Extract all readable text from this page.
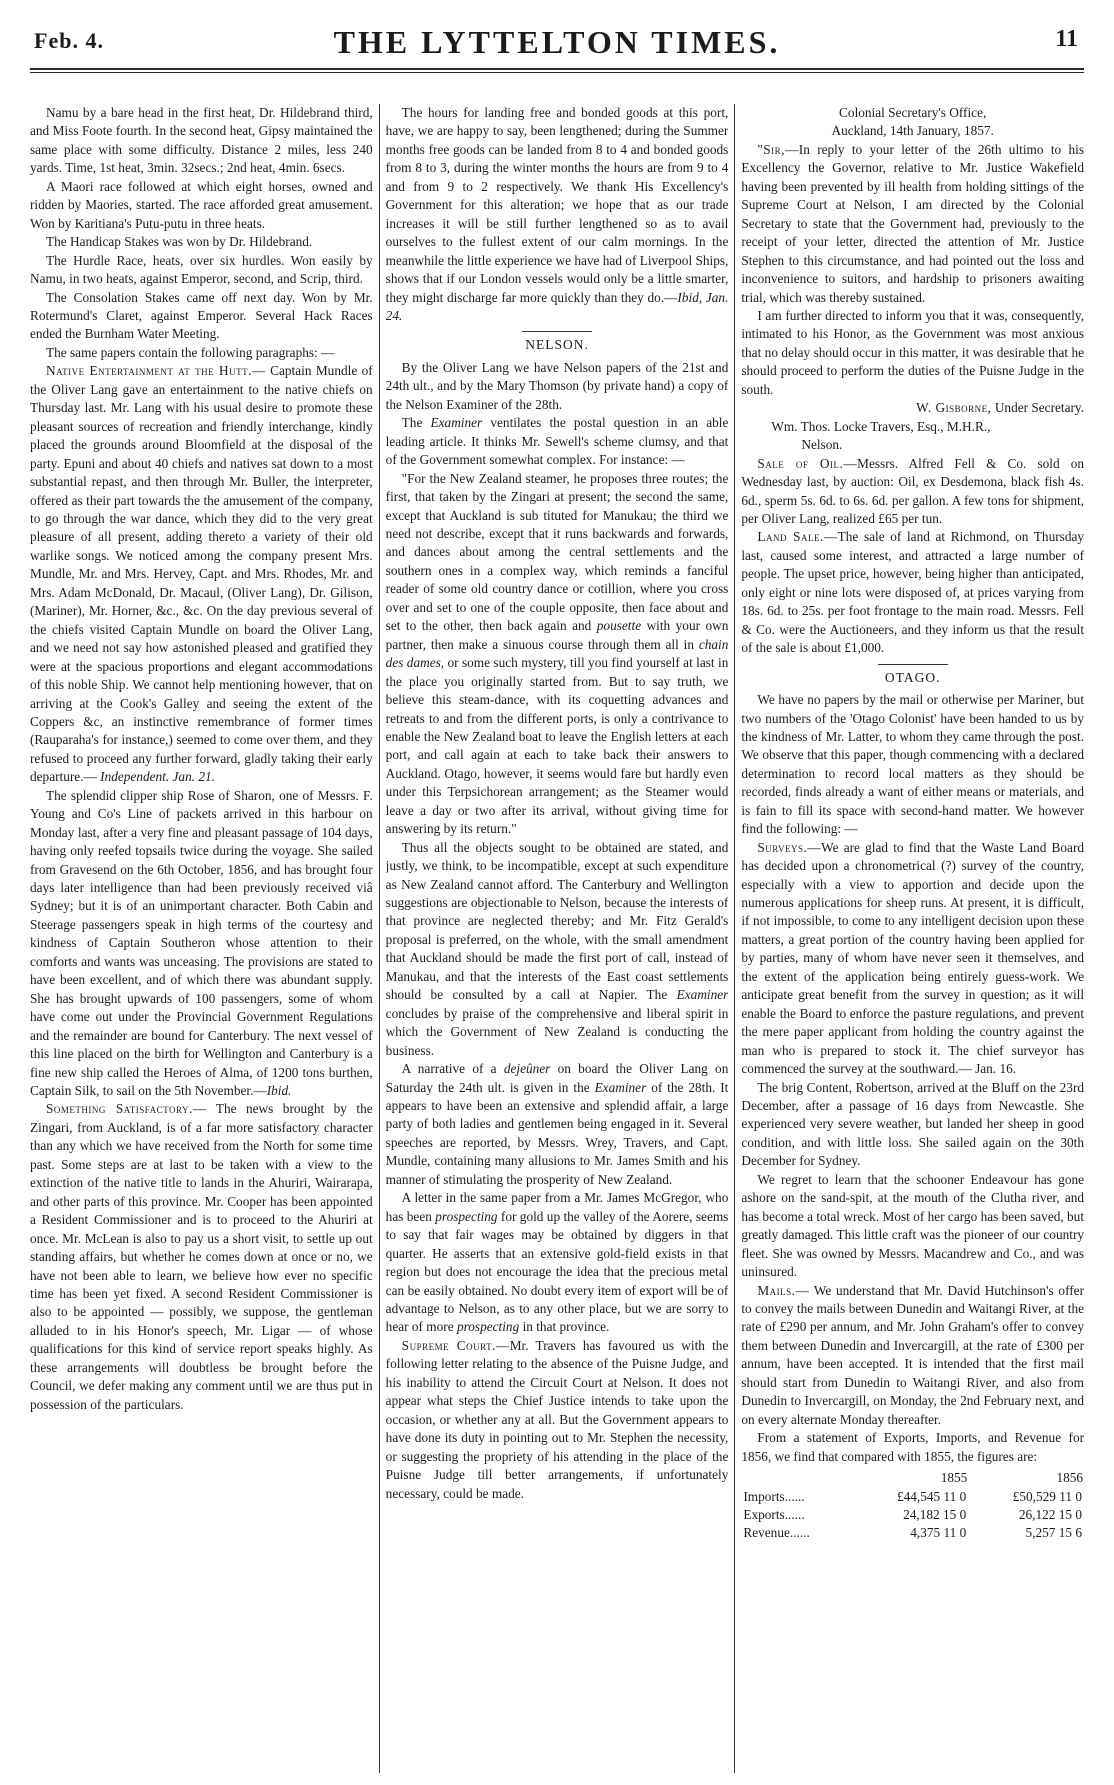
Feb. 4.	THE LYTTELTON TIMES.	11

Namu by a bare head in the first heat, Dr. Hildebrand third, and Miss Foote fourth. In the second heat, Gipsy maintained the same place with some difficulty. Distance 2 miles, less 240 yards. Time, 1st heat, 3min. 32secs.; 2nd heat, 4min. 6secs.

A Maori race followed at which eight horses, owned and ridden by Maories, started. The race afforded great amusement. Won by Karitiana's Putu-putu in three heats.

The Handicap Stakes was won by Dr. Hildebrand.

The Hurdle Race, heats, over six hurdles. Won easily by Namu, in two heats, against Emperor, second, and Scrip, third.

The Consolation Stakes came off next day. Won by Mr. Rotermund's Claret, against Emperor. Several Hack Races ended the Burnham Water Meeting.

The same papers contain the following paragraphs: —

Native Entertainment at the Hutt.— Captain Mundle of the Oliver Lang gave an entertainment to the native chiefs on Thursday last. Mr. Lang with his usual desire to promote these pleasant sources of recreation and friendly interchange, kindly placed the grounds around Bloomfield at the disposal of the party. Epuni and about 40 chiefs and natives sat down to a most substantial repast, and then through Mr. Buller, the interpreter, offered as their part towards the the amusement of the company, to go through the war dance, which they did to the very great pleasure of all present, adding thereto a variety of their old warlike songs. We noticed among the company present Mrs. Mundle, Mr. and Mrs. Hervey, Capt. and Mrs. Rhodes, Mr. and Mrs. Adam McDonald, Dr. Macaul, (Oliver Lang), Dr. Gilison, (Mariner), Mr. Horner, &c., &c. On the day previous several of the chiefs visited Captain Mundle on board the Oliver Lang, and we need not say how astonished pleased and gratified they were at the spacious proportions and elegant accommodations of this noble Ship. We cannot help mentioning however, that on arriving at the Cook's Galley and seeing the extent of the Coppers &c, an instinctive remembrance of former times (Rauparaha's for instance,) seemed to come over them, and they refused to proceed any further forward, gladly taking their early departure.— Independent. Jan. 21.

The splendid clipper ship Rose of Sharon, one of Messrs. F. Young and Co's Line of packets arrived in this harbour on Monday last, after a very fine and pleasant passage of 104 days, having only reefed topsails twice during the voyage. She sailed from Gravesend on the 6th October, 1856, and has brought four days later intelligence than had been previously received viâ Sydney; but it is of an unimportant character. Both Cabin and Steerage passengers speak in high terms of the courtesy and kindness of Captain Southeron whose attention to their comforts and wants was unceasing. The provisions are stated to have been excellent, and of which there was abundant supply. She has brought upwards of 100 passengers, some of whom have come out under the Provincial Government Regulations and the remainder are bound for Canterbury. The next vessel of this line placed on the birth for Wellington and Canterbury is a fine new ship called the Heroes of Alma, of 1200 tons burthen, Captain Silk, to sail on the 5th November.—Ibid.

Something Satisfactory.— The news brought by the Zingari, from Auckland, is of a far more satisfactory character than any which we have received from the North for some time past. Some steps are at last to be taken with a view to the extinction of the native title to lands in the Ahuriri, Wairarapa, and other parts of this province. Mr. Cooper has been appointed a Resident Commissioner and is to proceed to the Ahuriri at once. Mr. McLean is also to pay us a short visit, to settle up out standing affairs, but whether he comes down at once or no, we have not been able to learn, we believe how ever no specific time has been yet fixed. A second Resident Commissioner is also to be appointed — possibly, we suppose, the gentleman alluded to in his Honor's speech, Mr. Ligar — of whose qualifications for this kind of service report speaks highly. As these arrangements will doubtless be brought before the Council, we defer making any comment until we are thus put in possession of the particulars.

The hours for landing free and bonded goods at this port, have, we are happy to say, been lengthened; during the Summer months free goods can be landed from 8 to 4 and bonded goods from 8 to 3, during the winter months the hours are from 9 to 4 and from 9 to 2 respectively. We thank His Excellency's Government for this alteration; we hope that as our trade increases it will be still further lengthened so as to avail ourselves to the fullest extent of our calm mornings. In the meanwhile the little experience we have had of Liverpool Ships, shows that if our London vessels would only be a little smarter, they might discharge far more quickly than they do.—Ibid, Jan. 24.

NELSON.

By the Oliver Lang we have Nelson papers of the 21st and 24th ult., and by the Mary Thomson (by private hand) a copy of the Nelson Examiner of the 28th.

The Examiner ventilates the postal question in an able leading article. It thinks Mr. Sewell's scheme clumsy, and that of the Government somewhat complex. For instance: —

"For the New Zealand steamer, he proposes three routes; the first, that taken by the Zingari at present; the second the same, except that Auckland is sub tituted for Manukau; the third we need not describe, except that it runs backwards and forwards, and dances about among the central settlements and the southern ones in a complex way, which reminds a fanciful reader of some old country dance or cotillion, where you cross over and set to one of the couple opposite, then face about and set to the other, then back again and pousette with your own partner, then make a sinuous course through them all in chain des dames, or some such mystery, till you find yourself at last in the place you originally started from. But to say truth, we believe this steam-dance, with its coquetting advances and retreats to and from the different ports, is only a contrivance to enable the New Zealand boat to leave the English letters at each port, and call again at each to take back their answers to Auckland. Otago, however, it seems would fare but hardly even under this Terpsichorean arrangement; as the Steamer would leave a day or two after its arrival, without giving time for answering by its return."

Thus all the objects sought to be obtained are stated, and justly, we think, to be incompatible, except at such expenditure as New Zealand cannot afford. The Canterbury and Wellington suggestions are objectionable to Nelson, because the interests of that province are neglected thereby; and Mr. Fitz Gerald's proposal is preferred, on the whole, with the small amendment that Auckland should be made the first port of call, instead of Manukau, and that the interests of the East coast settlements should be consulted by a call at Napier. The Examiner concludes by praise of the comprehensive and liberal spirit in which the Government of New Zealand is conducting the business.

A narrative of a dejeûner on board the Oliver Lang on Saturday the 24th ult. is given in the Examiner of the 28th. It appears to have been an extensive and splendid affair, a large party of both ladies and gentlemen being engaged in it. Several speeches are reported, by Messrs. Wrey, Travers, and Capt. Mundle, containing many allusions to Mr. James Smith and his manner of stimulating the prosperity of New Zealand.

A letter in the same paper from a Mr. James McGregor, who has been prospecting for gold up the valley of the Aorere, seems to say that fair wages may be obtained by diggers in that quarter. He asserts that an extensive gold-field exists in that region but does not encourage the idea that the precious metal can be easily obtained. No doubt every item of export will be of advantage to Nelson, as to any other place, but we are sorry to hear of more prospecting in that province.

Supreme Court.—Mr. Travers has favoured us with the following letter relating to the absence of the Puisne Judge, and his inability to attend the Circuit Court at Nelson. It does not appear what steps the Chief Justice intends to take upon the occasion, or whether any at all. But the Government appears to have done its duty in pointing out to Mr. Stephen the necessity, or suggesting the propriety of his attending in the place of the Puisne Judge till better arrangements, if unfortunately necessary, could be made.

Colonial Secretary's Office,

Auckland, 14th January, 1857.

"Sir,—In reply to your letter of the 26th ultimo to his Excellency the Governor, relative to Mr. Justice Wakefield having been prevented by ill health from holding sittings of the Supreme Court at Nelson, I am directed by the Colonial Secretary to state that the Government had, previously to the receipt of your letter, directed the attention of Mr. Justice Stephen to this circumstance, and had pointed out the loss and inconvenience to suitors, and hardship to prisoners awaiting trial, which was thereby sustained.

I am further directed to inform you that it was, consequently, intimated to his Honor, as the Government was most anxious that no delay should occur in this matter, it was desirable that he should proceed to perform the duties of the Puisne Judge in the south.

W. Gisborne, Under Secretary.

Wm. Thos. Locke Travers, Esq., M.H.R.,

Nelson.

Sale of Oil.—Messrs. Alfred Fell & Co. sold on Wednesday last, by auction: Oil, ex Desdemona, black fish 4s. 6d., sperm 5s. 6d. to 6s. 6d. per gallon. A few tons for shipment, per Oliver Lang, realized £65 per tun.

Land Sale.—The sale of land at Richmond, on Thursday last, caused some interest, and attracted a large number of people. The upset price, however, being higher than anticipated, only eight or nine lots were disposed of, at prices varying from 18s. 6d. to 25s. per foot frontage to the main road. Messrs. Fell & Co. were the Auctioneers, and they inform us that the result of the sale is about £1,000.

OTAGO.

We have no papers by the mail or otherwise per Mariner, but two numbers of the 'Otago Colonist' have been handed to us by the kindness of Mr. Latter, to whom they came through the post. We observe that this paper, though commencing with a declared determination to record local matters as they should be recorded, finds already a want of either means or materials, and is fain to fill its space with second-hand matter. We however find the following: —

Surveys.—We are glad to find that the Waste Land Board has decided upon a chronometrical (?) survey of the country, especially with a view to apportion and decide upon the numerous applications for sheep runs. At present, it is difficult, if not impossible, to come to any intelligent decision upon these matters, a great portion of the country having been applied for by parties, many of whom have never seen it themselves, and the extent of the application being entirely guess-work. We anticipate great benefit from the survey in question; as it will enable the Board to enforce the pasture regulations, and prevent the mere paper applicant from holding the country against the man who is prepared to stock it. The chief surveyor has commenced the survey at the southward.— Jan. 16.

The brig Content, Robertson, arrived at the Bluff on the 23rd December, after a passage of 16 days from Newcastle. She experienced very severe weather, but landed her sheep in good condition, and with little loss. She sailed again on the 30th December for Sydney.

We regret to learn that the schooner Endeavour has gone ashore on the sand-spit, at the mouth of the Clutha river, and has become a total wreck. Most of her cargo has been saved, but greatly damaged. This little craft was the pioneer of our country fleet. She was owned by Messrs. Macandrew and Co., and was uninsured.

Mails.— We understand that Mr. David Hutchinson's offer to convey the mails between Dunedin and Waitangi River, at the rate of £290 per annum, and Mr. John Graham's offer to convey them between Dunedin and Invercargill, at the rate of £300 per annum, have been accepted. It is intended that the first mail should start from Dunedin to Waitangi River, and also from Dunedin to Invercargill, on Monday, the 2nd February next, and on every alternate Monday thereafter.

From a statement of Exports, Imports, and Revenue for 1856, we find that compared with 1855, the figures are:

	1855	1856
Imports......	£44,545 11 0	£50,529 11 0
Exports......	24,182 15 0	26,122 15 0
Revenue......	4,375 11 0	5,257 15 6
